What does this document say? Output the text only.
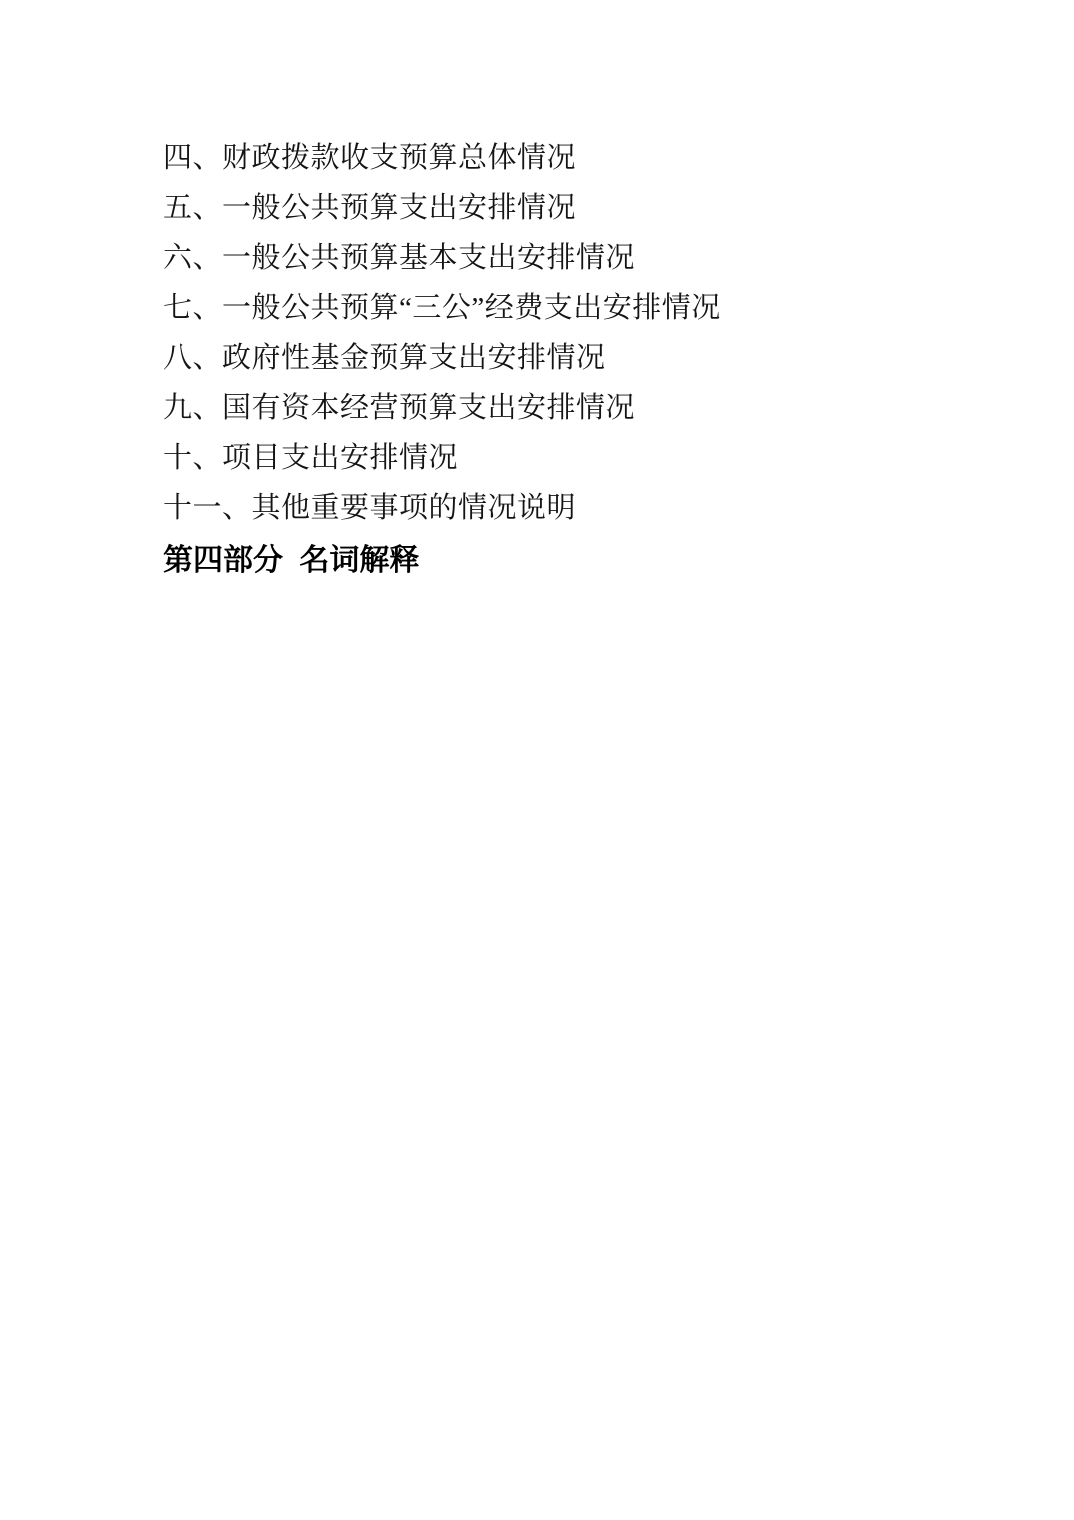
四、财政拨款收支预算总体情况
五、一般公共预算支出安排情况
六、一般公共预算基本支出安排情况
七、一般公共预算“三公”经费支出安排情况
八、政府性基金预算支出安排情况
九、国有资本经营预算支出安排情况
十、项目支出安排情况
十一、其他重要事项的情况说明
第四部分 名词解释
